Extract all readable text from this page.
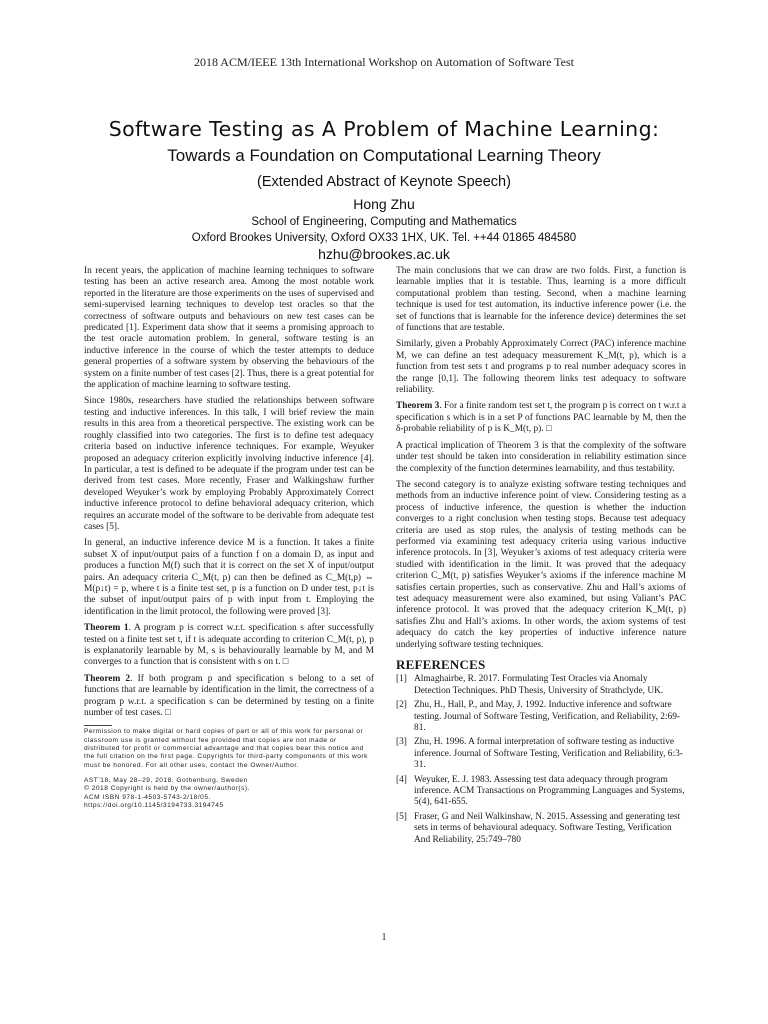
2018 ACM/IEEE 13th International Workshop on Automation of Software Test
Software Testing as A Problem of Machine Learning:
Towards a Foundation on Computational Learning Theory
(Extended Abstract of Keynote Speech)
Hong Zhu
School of Engineering, Computing and Mathematics
Oxford Brookes University, Oxford OX33 1HX, UK. Tel. ++44 01865 484580
hzhu@brookes.ac.uk

In recent years, the application of machine learning techniques to software testing has been an active research area. Among the most notable work reported in the literature are those experiments on the uses of supervised and semi-supervised learning techniques to develop test oracles so that the correctness of software outputs and behaviours on new test cases can be predicated [1]. Experiment data show that it seems a promising approach to the test oracle automation problem. In general, software testing is an inductive inference in the course of which the tester attempts to deduce general properties of a software system by observing the behaviours of the system on a finite number of test cases [2]. Thus, there is a great potential for the application of machine learning to software testing.

Since 1980s, researchers have studied the relationships between software testing and inductive inferences. In this talk, I will brief review the main results in this area from a theoretical perspective. The existing work can be roughly classified into two categories. The first is to define test adequacy criteria based on inductive inference techniques. For example, Weyuker proposed an adequacy criterion explicitly involving inductive inference [4]. In particular, a test is defined to be adequate if the program under test can be derived from test cases. More recently, Fraser and Walkingshaw further developed Weyuker’s work by employing Probably Approximately Correct inductive inference protocol to define behavioral adequacy criterion, which requires an accurate model of the software to be derivable from adequate test cases [5].

In general, an inductive inference device M is a function. It takes a finite subset X of input/output pairs of a function f on a domain D, as input and produces a function M(f) such that it is correct on the set X of input/output pairs. An adequacy criteria C_M(t, p) can then be defined as C_M(t,p) ⇔ M(p↓t) = p, where t is a finite test set, p is a function on D under test, p↓t is the subset of input/output pairs of p with input from t. Employing the identification in the limit protocol, the following were proved [3].

Theorem 1. A program p is correct w.r.t. specification s after successfully tested on a finite test set t, if t is adequate according to criterion C_M(t, p), p is explanatorily learnable by M, s is behaviourally learnable by M, and M converges to a function that is consistent with s on t. □

Theorem 2. If both program p and specification s belong to a set of functions that are learnable by identification in the limit, the correctness of a program p w.r.t. a specification s can be determined by testing on a finite number of test cases. □

Permission to make digital or hard copies of part or all of this work for personal or classroom use is granted without fee provided that copies are not made or distributed for profit or commercial advantage and that copies bear this notice and the full citation on the first page. Copyrights for third-party components of this work must be honored. For all other uses, contact the Owner/Author.
AST’18, May 28–29, 2018, Gothenburg, Sweden
© 2018 Copyright is held by the owner/author(s).
ACM ISBN 978-1-4503-5743-2/18/05.
https://doi.org/10.1145/3194733.3194745

The main conclusions that we can draw are two folds. First, a function is learnable implies that it is testable. Thus, learning is a more difficult computational problem than testing. Second, when a machine learning technique is used for test automation, its inductive inference power (i.e. the set of functions that is learnable for the inference device) determines the set of functions that are testable.

Similarly, given a Probably Approximately Correct (PAC) inference machine M, we can define an test adequacy measurement K_M(t, p), which is a function from test sets t and programs p to real number adequacy scores in the range [0,1]. The following theorem links test adequacy to software reliability.

Theorem 3. For a finite random test set t, the program p is correct on t w.r.t a specification s which is in a set P of functions PAC learnable by M, then the δ-probable reliability of p is K_M(t, p). □

A practical implication of Theorem 3 is that the complexity of the software under test should be taken into consideration in reliability estimation since the complexity of the function determines learnability, and thus testability.

The second category is to analyze existing software testing techniques and methods from an inductive inference point of view. Considering testing as a process of inductive inference, the question is whether the induction converges to a right conclusion when testing stops. Because test adequacy criteria are used as stop rules, the analysis of testing methods can be performed via examining test adequacy criteria using various inductive inference protocols. In [3], Weyuker’s axioms of test adequacy criteria were studied with identification in the limit. It was proved that the adequacy criterion C_M(t, p) satisfies Weyuker’s axioms if the inference machine M satisfies certain properties, such as conservative. Zhu and Hall’s axioms of test adequacy measurement were also examined, but using Valiant’s PAC inference protocol. It was proved that the adequacy criterion K_M(t, p) satisfies Zhu and Hall’s axioms. In other words, the axiom systems of test adequacy do catch the key properties of inductive inference nature underlying software testing techniques.

REFERENCES
[1] Almaghairbe, R. 2017. Formulating Test Oracles via Anomaly Detection Techniques. PhD Thesis, University of Strathclyde, UK.
[2] Zhu, H., Hall, P., and May, J. 1992. Inductive inference and software testing. Journal of Software Testing, Verification, and Reliability, 2:69-81.
[3] Zhu, H. 1996. A formal interpretation of software testing as inductive inference. Journal of Software Testing, Verification and Reliability, 6:3-31.
[4] Weyuker, E. J. 1983. Assessing test data adequacy through program inference. ACM Transactions on Programming Languages and Systems, 5(4), 641-655.
[5] Fraser, G and Neil Walkinshaw, N. 2015. Assessing and generating test sets in terms of behavioural adequacy. Software Testing, Verification And Reliability, 25:749–780
1
